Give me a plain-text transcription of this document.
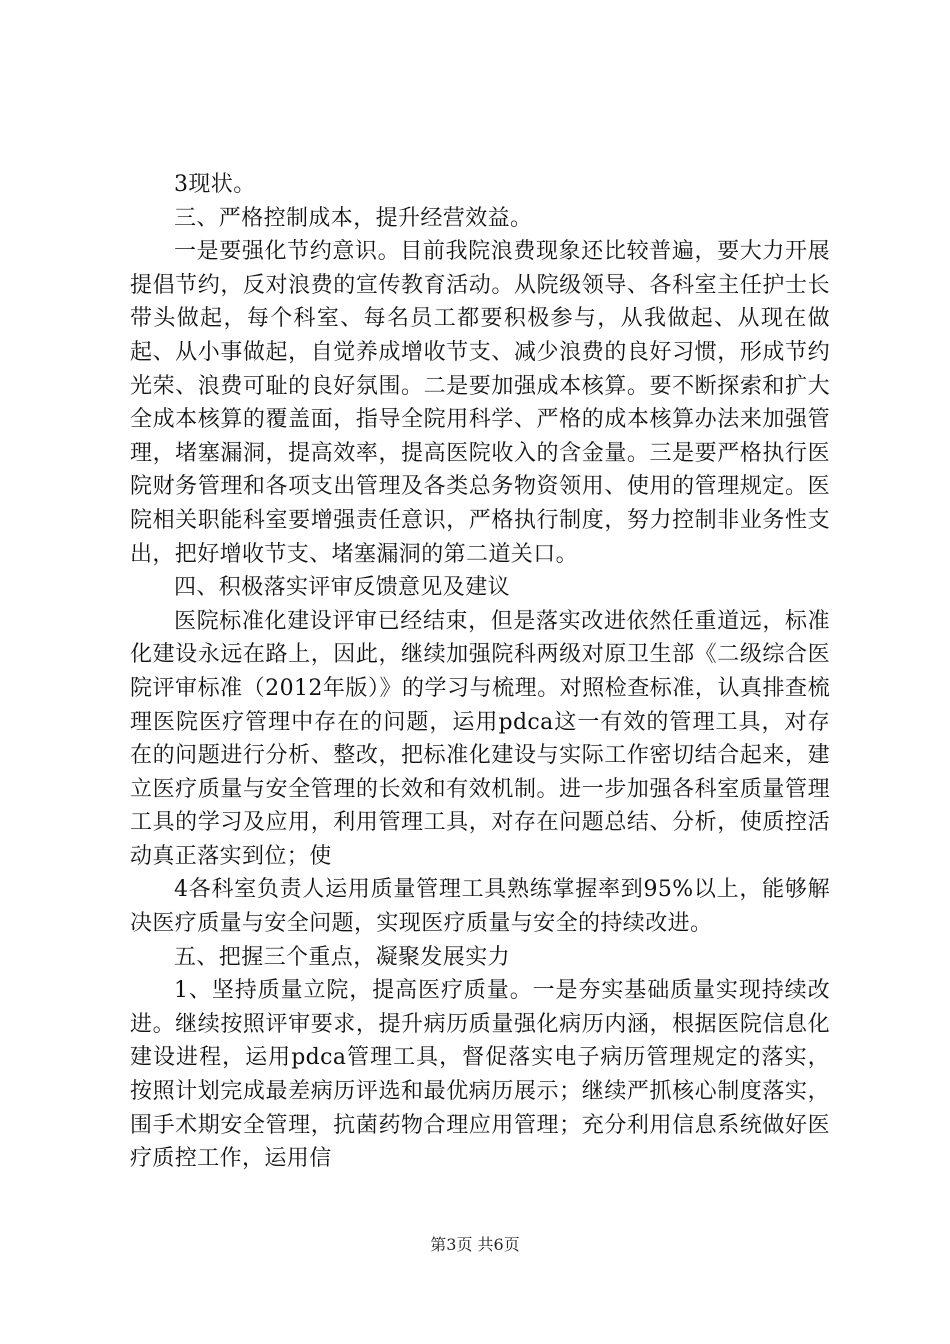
3现状。

三、严格控制成本，提升经营效益。

一是要强化节约意识。目前我院浪费现象还比较普遍，要大力开展提倡节约，反对浪费的宣传教育活动。从院级领导、各科室主任护士长带头做起，每个科室、每名员工都要积极参与，从我做起、从现在做起、从小事做起，自觉养成增收节支、减少浪费的良好习惯，形成节约光荣、浪费可耻的良好氛围。二是要加强成本核算。要不断探索和扩大全成本核算的覆盖面，指导全院用科学、严格的成本核算办法来加强管理，堵塞漏洞，提高效率，提高医院收入的含金量。三是要严格执行医院财务管理和各项支出管理及各类总务物资领用、使用的管理规定。医院相关职能科室要增强责任意识，严格执行制度，努力控制非业务性支出，把好增收节支、堵塞漏洞的第二道关口。

四、积极落实评审反馈意见及建议

医院标准化建设评审已经结束，但是落实改进依然任重道远，标准化建设永远在路上，因此，继续加强院科两级对原卫生部《二级综合医院评审标准（2012年版）》的学习与梳理。对照检查标准，认真排查梳理医院医疗管理中存在的问题，运用pdca这一有效的管理工具，对存在的问题进行分析、整改，把标准化建设与实际工作密切结合起来，建立医疗质量与安全管理的长效和有效机制。进一步加强各科室质量管理工具的学习及应用，利用管理工具，对存在问题总结、分析，使质控活动真正落实到位；使

4各科室负责人运用质量管理工具熟练掌握率到95%以上，能够解决医疗质量与安全问题，实现医疗质量与安全的持续改进。

五、把握三个重点，凝聚发展实力

1、坚持质量立院，提高医疗质量。一是夯实基础质量实现持续改进。继续按照评审要求，提升病历质量强化病历内涵，根据医院信息化建设进程，运用pdca管理工具，督促落实电子病历管理规定的落实，按照计划完成最差病历评选和最优病历展示；继续严抓核心制度落实，围手术期安全管理，抗菌药物合理应用管理；充分利用信息系统做好医疗质控工作，运用信

第3页 共6页
